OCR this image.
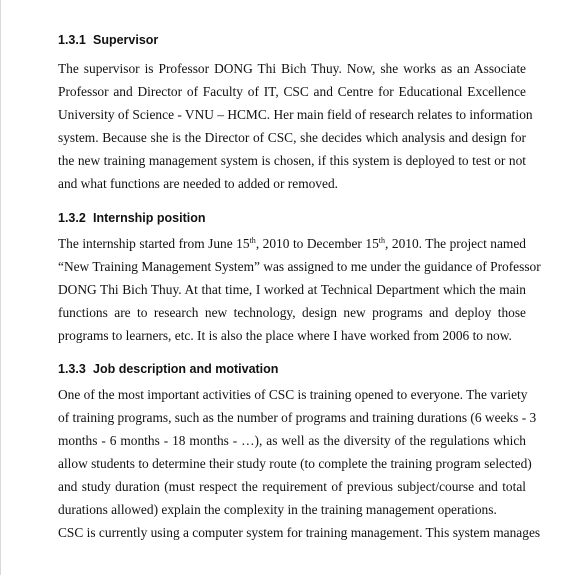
1.3.1 Supervisor
The supervisor is Professor DONG Thi Bich Thuy. Now, she works as an Associate
Professor and Director of Faculty of IT, CSC and Centre for Educational Excellence
University of Science - VNU – HCMC. Her main field of research relates to information
system. Because she is the Director of CSC, she decides which analysis and design for
the new training management system is chosen, if this system is deployed to test or not
and what functions are needed to added or removed.
1.3.2 Internship position
The internship started from June 15th, 2010 to December 15th, 2010. The project named
“New Training Management System” was assigned to me under the guidance of Professor
DONG Thi Bich Thuy. At that time, I worked at Technical Department which the main
functions are to research new technology, design new programs and deploy those
programs to learners, etc. It is also the place where I have worked from 2006 to now.
1.3.3 Job description and motivation
One of the most important activities of CSC is training opened to everyone. The variety
of training programs, such as the number of programs and training durations (6 weeks - 3
months - 6 months - 18 months - …), as well as the diversity of the regulations which
allow students to determine their study route (to complete the training program selected)
and study duration (must respect the requirement of previous subject/course and total
durations allowed) explain the complexity in the training management operations.
CSC is currently using a computer system for training management. This system manages
